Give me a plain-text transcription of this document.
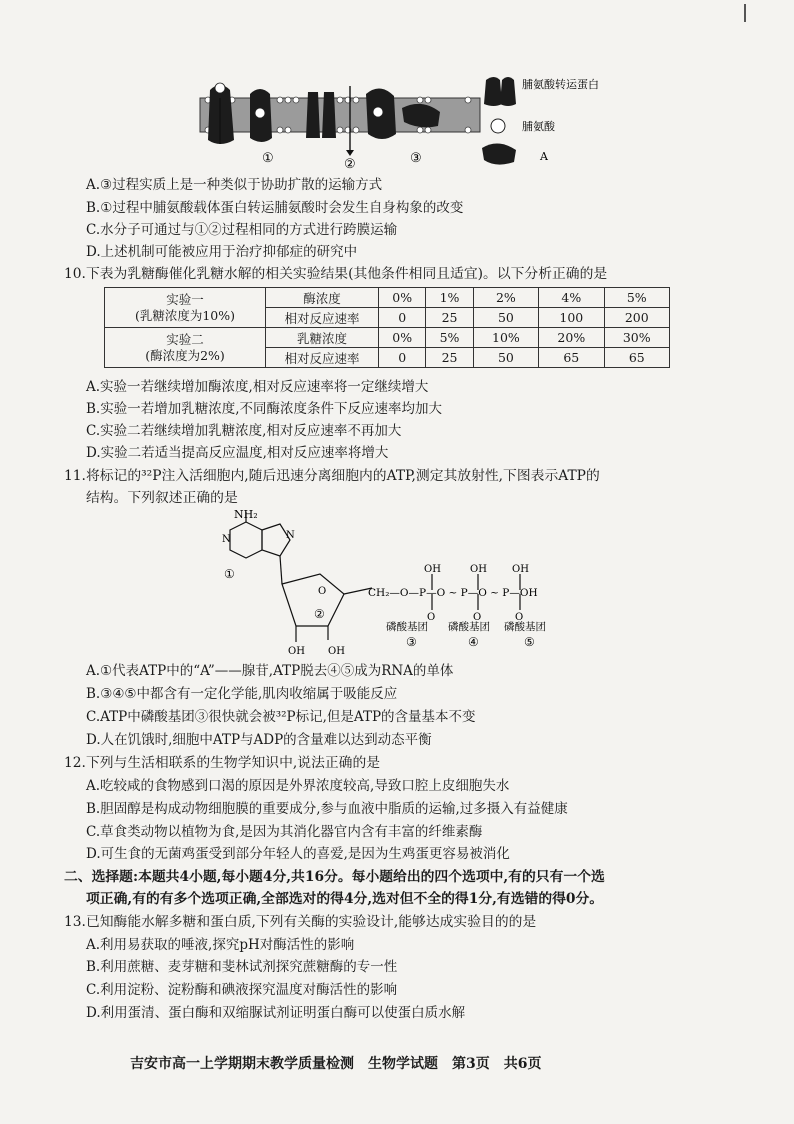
①	②	③
脯氨酸转运蛋白
脯氨酸
A
A.③过程实质上是一种类似于协助扩散的运输方式
B.①过程中脯氨酸载体蛋白转运脯氨酸时会发生自身构象的改变
C.水分子可通过与①②过程相同的方式进行跨膜运输
D.上述机制可能被应用于治疗抑郁症的研究中
10.下表为乳糖酶催化乳糖水解的相关实验结果(其他条件相同且适宜)。以下分析正确的是
实验一
(乳糖浓度为10%)	酶浓度	0%	1%	2%	4%	5%
	相对反应速率	0	25	50	100	200

实验二
(酶浓度为2%)	乳糖浓度	0%	5%	10%	20%	30%
	相对反应速率	0	25	50	65	65
A.实验一若继续增加酶浓度,相对反应速率将一定继续增大
B.实验一若增加乳糖浓度,不同酶浓度条件下反应速率均加大
C.实验二若继续增加乳糖浓度,相对反应速率不再加大
D.实验二若适当提高反应温度,相对反应速率将增大
11.将标记的³²P注入活细胞内,随后迅速分离细胞内的ATP,测定其放射性,下图表示ATP的
结构。下列叙述正确的是
NH₂
N	N
O
①
②
OH OH
CH₂—O—P—O ~ P—O ~ P—OH
OH	OH	OH
O	O	O
磷酸基团 磷酸基团 磷酸基团
③	④	⑤
A.①代表ATP中的“A”——腺苷,ATP脱去④⑤成为RNA的单体
B.③④⑤中都含有一定化学能,肌肉收缩属于吸能反应
C.ATP中磷酸基团③很快就会被³²P标记,但是ATP的含量基本不变
D.人在饥饿时,细胞中ATP与ADP的含量难以达到动态平衡
12.下列与生活相联系的生物学知识中,说法正确的是
A.吃较咸的食物感到口渴的原因是外界浓度较高,导致口腔上皮细胞失水
B.胆固醇是构成动物细胞膜的重要成分,参与血液中脂质的运输,过多摄入有益健康
C.草食类动物以植物为食,是因为其消化器官内含有丰富的纤维素酶
D.可生食的无菌鸡蛋受到部分年轻人的喜爱,是因为生鸡蛋更容易被消化
二、选择题:本题共4小题,每小题4分,共16分。每小题给出的四个选项中,有的只有一个选
项正确,有的有多个选项正确,全部选对的得4分,选对但不全的得1分,有选错的得0分。
13.已知酶能水解多糖和蛋白质,下列有关酶的实验设计,能够达成实验目的的是
A.利用易获取的唾液,探究pH对酶活性的影响
B.利用蔗糖、麦芽糖和斐林试剂探究蔗糖酶的专一性
C.利用淀粉、淀粉酶和碘液探究温度对酶活性的影响
D.利用蛋清、蛋白酶和双缩脲试剂证明蛋白酶可以使蛋白质水解
吉安市高一上学期期末教学质量检测　生物学试题　第3页　共6页
